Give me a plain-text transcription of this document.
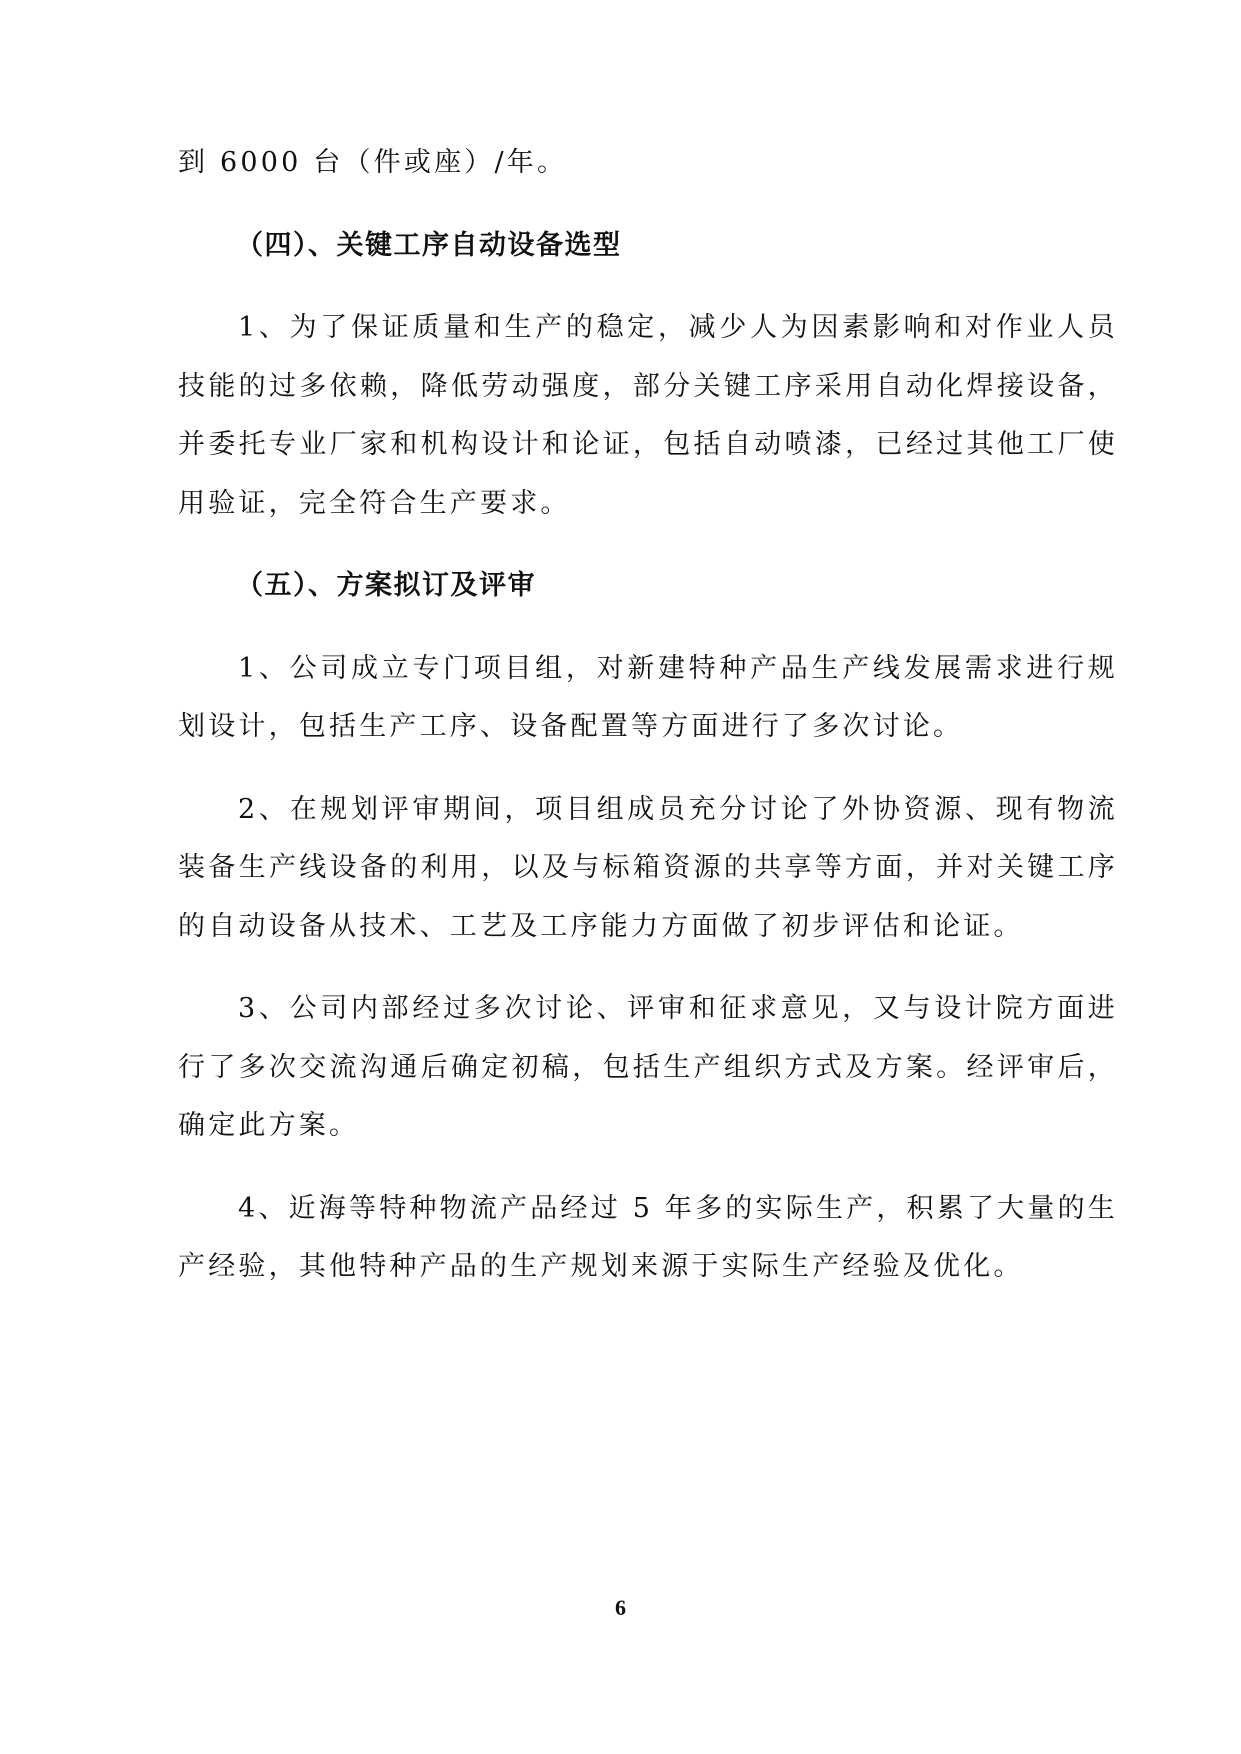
到 6000 台（件或座）/年。

（四）、关键工序自动设备选型

1、为了保证质量和生产的稳定，减少人为因素影响和对作业人员技能的过多依赖，降低劳动强度，部分关键工序采用自动化焊接设备，并委托专业厂家和机构设计和论证，包括自动喷漆，已经过其他工厂使用验证，完全符合生产要求。

（五）、方案拟订及评审

1、公司成立专门项目组，对新建特种产品生产线发展需求进行规划设计，包括生产工序、设备配置等方面进行了多次讨论。

2、在规划评审期间，项目组成员充分讨论了外协资源、现有物流装备生产线设备的利用，以及与标箱资源的共享等方面，并对关键工序的自动设备从技术、工艺及工序能力方面做了初步评估和论证。

3、公司内部经过多次讨论、评审和征求意见，又与设计院方面进行了多次交流沟通后确定初稿，包括生产组织方式及方案。经评审后，确定此方案。

4、近海等特种物流产品经过 5 年多的实际生产，积累了大量的生产经验，其他特种产品的生产规划来源于实际生产经验及优化。

6
